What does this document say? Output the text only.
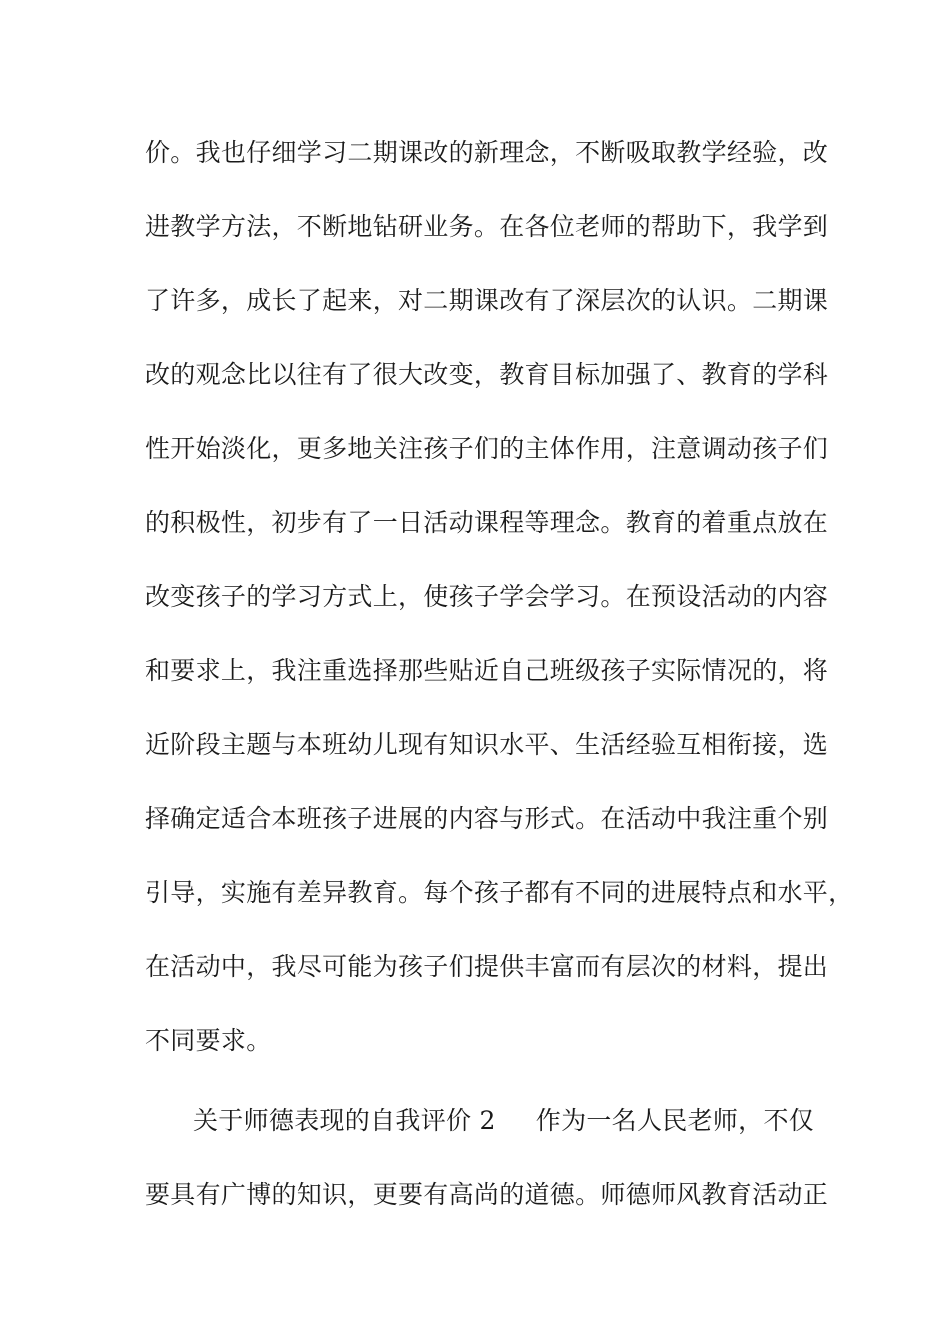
价。我也仔细学习二期课改的新理念，不断吸取教学经验，改
进教学方法，不断地钻研业务。在各位老师的帮助下，我学到
了许多，成长了起来，对二期课改有了深层次的认识。二期课
改的观念比以往有了很大改变，教育目标加强了、教育的学科
性开始淡化，更多地关注孩子们的主体作用，注意调动孩子们
的积极性，初步有了一日活动课程等理念。教育的着重点放在
改变孩子的学习方式上，使孩子学会学习。在预设活动的内容
和要求上，我注重选择那些贴近自己班级孩子实际情况的，将
近阶段主题与本班幼儿现有知识水平、生活经验互相衔接，选
择确定适合本班孩子进展的内容与形式。在活动中我注重个别
引导，实施有差异教育。每个孩子都有不同的进展特点和水平，
在活动中，我尽可能为孩子们提供丰富而有层次的材料，提出
不同要求。
关于师德表现的自我评价 2 作为一名人民老师，不仅
要具有广博的知识，更要有高尚的道德。师德师风教育活动正
